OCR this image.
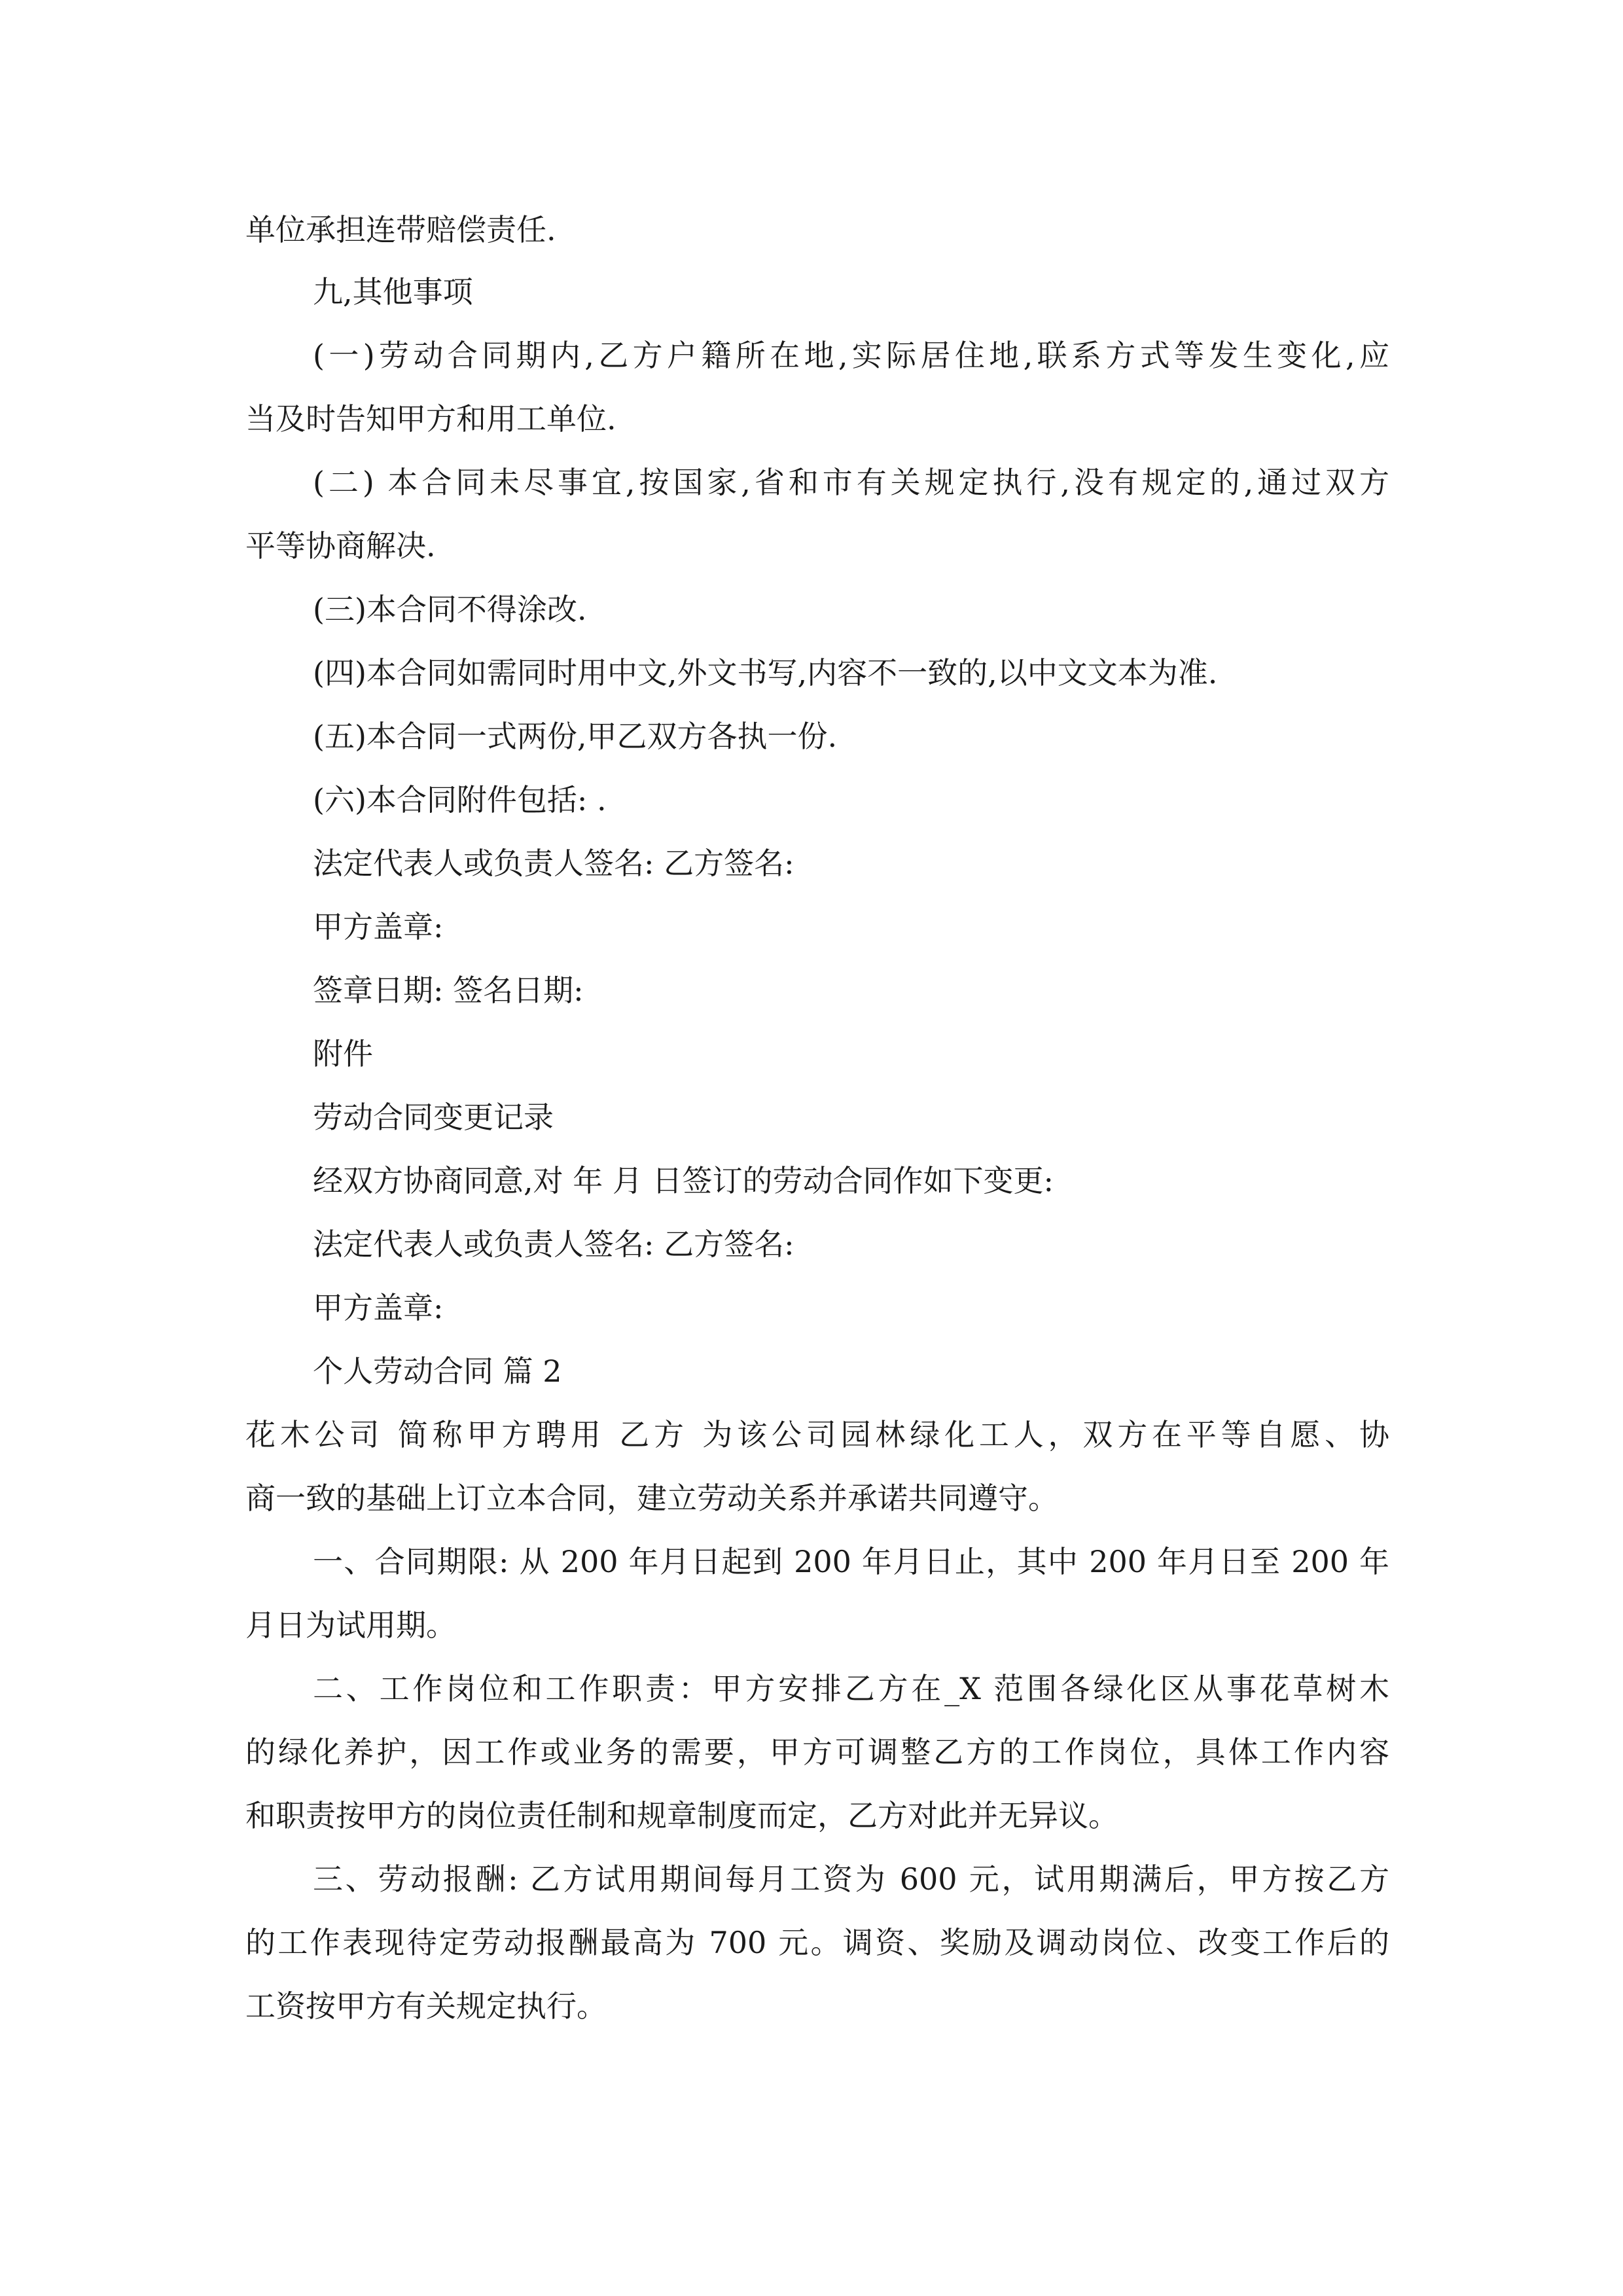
单位承担连带赔偿责任.

九,其他事项

(一)劳动合同期内,乙方户籍所在地,实际居住地,联系方式等发生变化,应

当及时告知甲方和用工单位.

(二) 本合同未尽事宜,按国家,省和市有关规定执行,没有规定的,通过双方

平等协商解决.

(三)本合同不得涂改.

(四)本合同如需同时用中文,外文书写,内容不一致的,以中文文本为准.

(五)本合同一式两份,甲乙双方各执一份.

(六)本合同附件包括: .

法定代表人或负责人签名: 乙方签名:

甲方盖章:

签章日期: 签名日期:

附件

劳动合同变更记录

经双方协商同意,对 年 月 日签订的劳动合同作如下变更:

法定代表人或负责人签名: 乙方签名:

甲方盖章:

个人劳动合同 篇 2

花木公司 简称甲方聘用 乙方 为该公司园林绿化工人，双方在平等自愿、协

商一致的基础上订立本合同，建立劳动关系并承诺共同遵守。

一、合同期限: 从 200 年月日起到 200 年月日止，其中 200 年月日至 200 年

月日为试用期。

二、工作岗位和工作职责：甲方安排乙方在_X 范围各绿化区从事花草树木

的绿化养护，因工作或业务的需要，甲方可调整乙方的工作岗位，具体工作内容

和职责按甲方的岗位责任制和规章制度而定，乙方对此并无异议。

三、劳动报酬: 乙方试用期间每月工资为 600 元，试用期满后，甲方按乙方

的工作表现待定劳动报酬最高为 700 元。调资、奖励及调动岗位、改变工作后的

工资按甲方有关规定执行。
